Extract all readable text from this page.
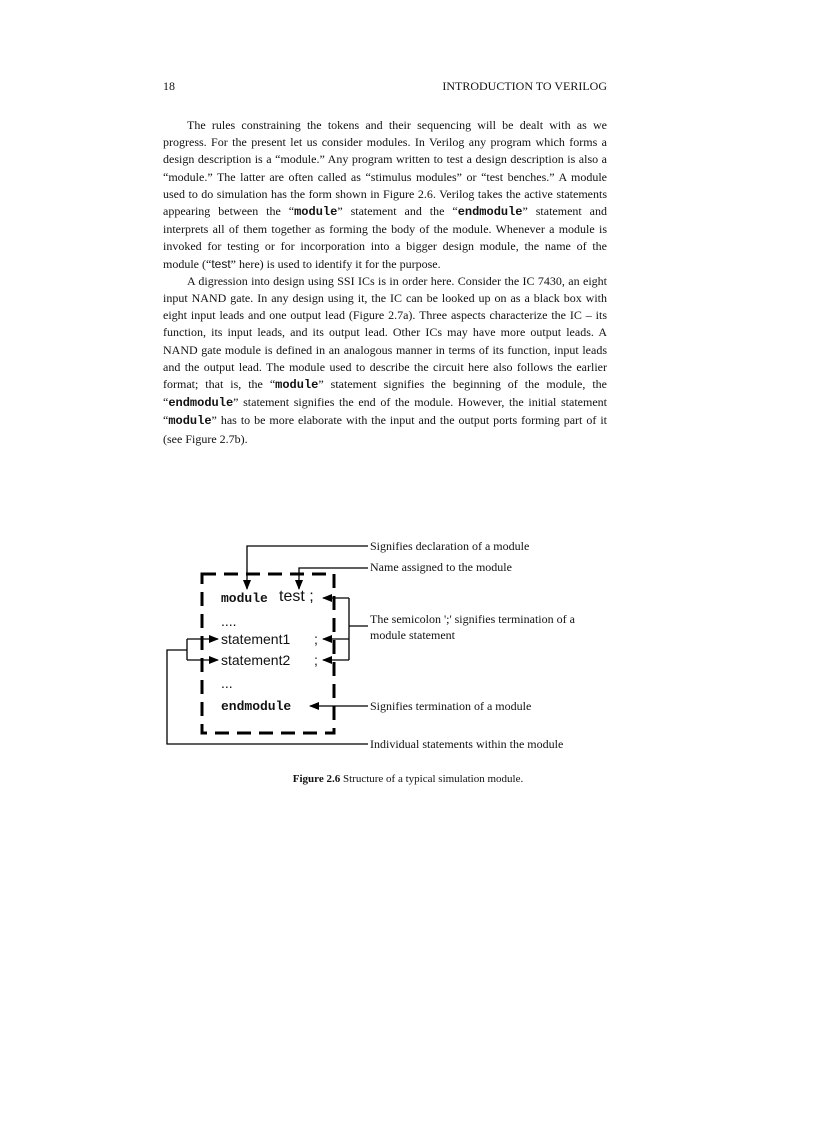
18	INTRODUCTION TO VERILOG

The rules constraining the tokens and their sequencing will be dealt with as we progress. For the present let us consider modules. In Verilog any program which forms a design description is a “module.” Any program written to test a design description is also a “module.” The latter are often called as “stimulus modules” or “test benches.” A module used to do simulation has the form shown in Figure 2.6. Verilog takes the active statements appearing between the “module” statement and the “endmodule” statement and interprets all of them together as forming the body of the module. Whenever a module is invoked for testing or for incorporation into a bigger design module, the name of the module (“test” here) is used to identify it for the purpose.

A digression into design using SSI ICs is in order here. Consider the IC 7430, an eight input NAND gate. In any design using it, the IC can be looked up on as a black box with eight input leads and one output lead (Figure 2.7a). Three aspects characterize the IC – its function, its input leads, and its output lead. Other ICs may have more output leads. A NAND gate module is defined in an analogous manner in terms of its function, input leads and the output lead. The module used to describe the circuit here also follows the earlier format; that is, the “module” statement signifies the beginning of the module, the “endmodule” statement signifies the end of the module. However, the initial statement “module” has to be more elaborate with the input and the output ports forming part of it (see Figure 2.7b).

module test ;
....
statement1 ;
statement2 ;
...
endmodule
Signifies declaration of a module
Name assigned to the module
The semicolon ';' signifies termination of a
module statement
Signifies termination of a module
Individual statements within the module
Figure 2.6 Structure of a typical simulation module.
